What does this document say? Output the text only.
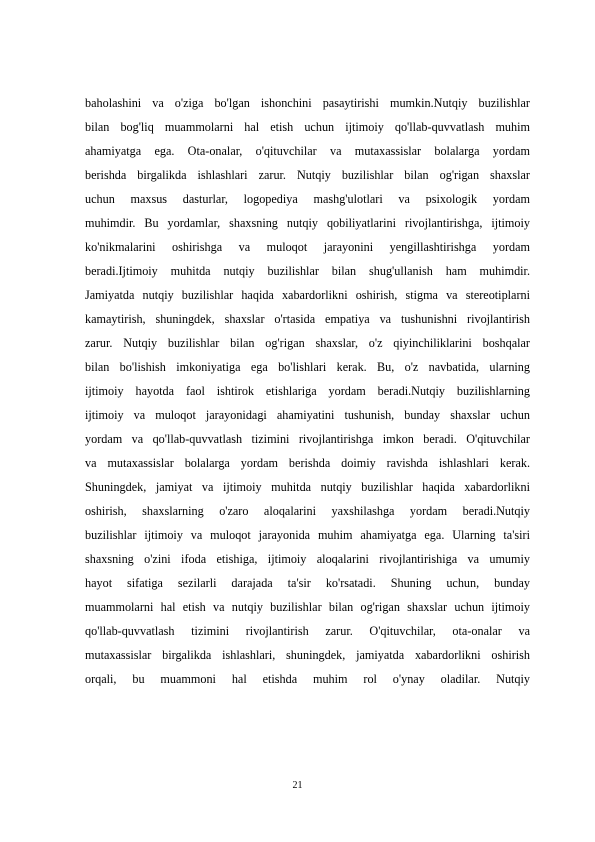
baholashini va o'ziga bo'lgan ishonchini pasaytirishi mumkin.Nutqiy buzilishlar
bilan bog'liq muammolarni hal etish uchun ijtimoiy qo'llab-quvvatlash muhim
ahamiyatga ega. Ota-onalar, o'qituvchilar va mutaxassislar bolalarga yordam
berishda birgalikda ishlashlari zarur. Nutqiy buzilishlar bilan og'rigan shaxslar
uchun maxsus dasturlar, logopediya mashg'ulotlari va psixologik yordam
muhimdir. Bu yordamlar, shaxsning nutqiy qobiliyatlarini rivojlantirishga, ijtimoiy
ko'nikmalarini oshirishga va muloqot jarayonini yengillashtirishga yordam
beradi.Ijtimoiy muhitda nutqiy buzilishlar bilan shug'ullanish ham muhimdir.
Jamiyatda nutqiy buzilishlar haqida xabardorlikni oshirish, stigma va stereotiplarni
kamaytirish, shuningdek, shaxslar o'rtasida empatiya va tushunishni rivojlantirish
zarur. Nutqiy buzilishlar bilan og'rigan shaxslar, o'z qiyinchiliklarini boshqalar
bilan bo'lishish imkoniyatiga ega bo'lishlari kerak. Bu, o'z navbatida, ularning
ijtimoiy hayotda faol ishtirok etishlariga yordam beradi.Nutqiy buzilishlarning
ijtimoiy va muloqot jarayonidagi ahamiyatini tushunish, bunday shaxslar uchun
yordam va qo'llab-quvvatlash tizimini rivojlantirishga imkon beradi. O'qituvchilar
va mutaxassislar bolalarga yordam berishda doimiy ravishda ishlashlari kerak.
Shuningdek, jamiyat va ijtimoiy muhitda nutqiy buzilishlar haqida xabardorlikni
oshirish, shaxslarning o'zaro aloqalarini yaxshilashga yordam beradi.Nutqiy
buzilishlar ijtimoiy va muloqot jarayonida muhim ahamiyatga ega. Ularning ta'siri
shaxsning o'zini ifoda etishiga, ijtimoiy aloqalarini rivojlantirishiga va umumiy
hayot sifatiga sezilarli darajada ta'sir ko'rsatadi. Shuning uchun, bunday
muammolarni hal etish va nutqiy buzilishlar bilan og'rigan shaxslar uchun ijtimoiy
qo'llab-quvvatlash tizimini rivojlantirish zarur. O'qituvchilar, ota-onalar va
mutaxassislar birgalikda ishlashlari, shuningdek, jamiyatda xabardorlikni oshirish
orqali, bu muammoni hal etishda muhim rol o'ynay oladilar. Nutqiy
21
